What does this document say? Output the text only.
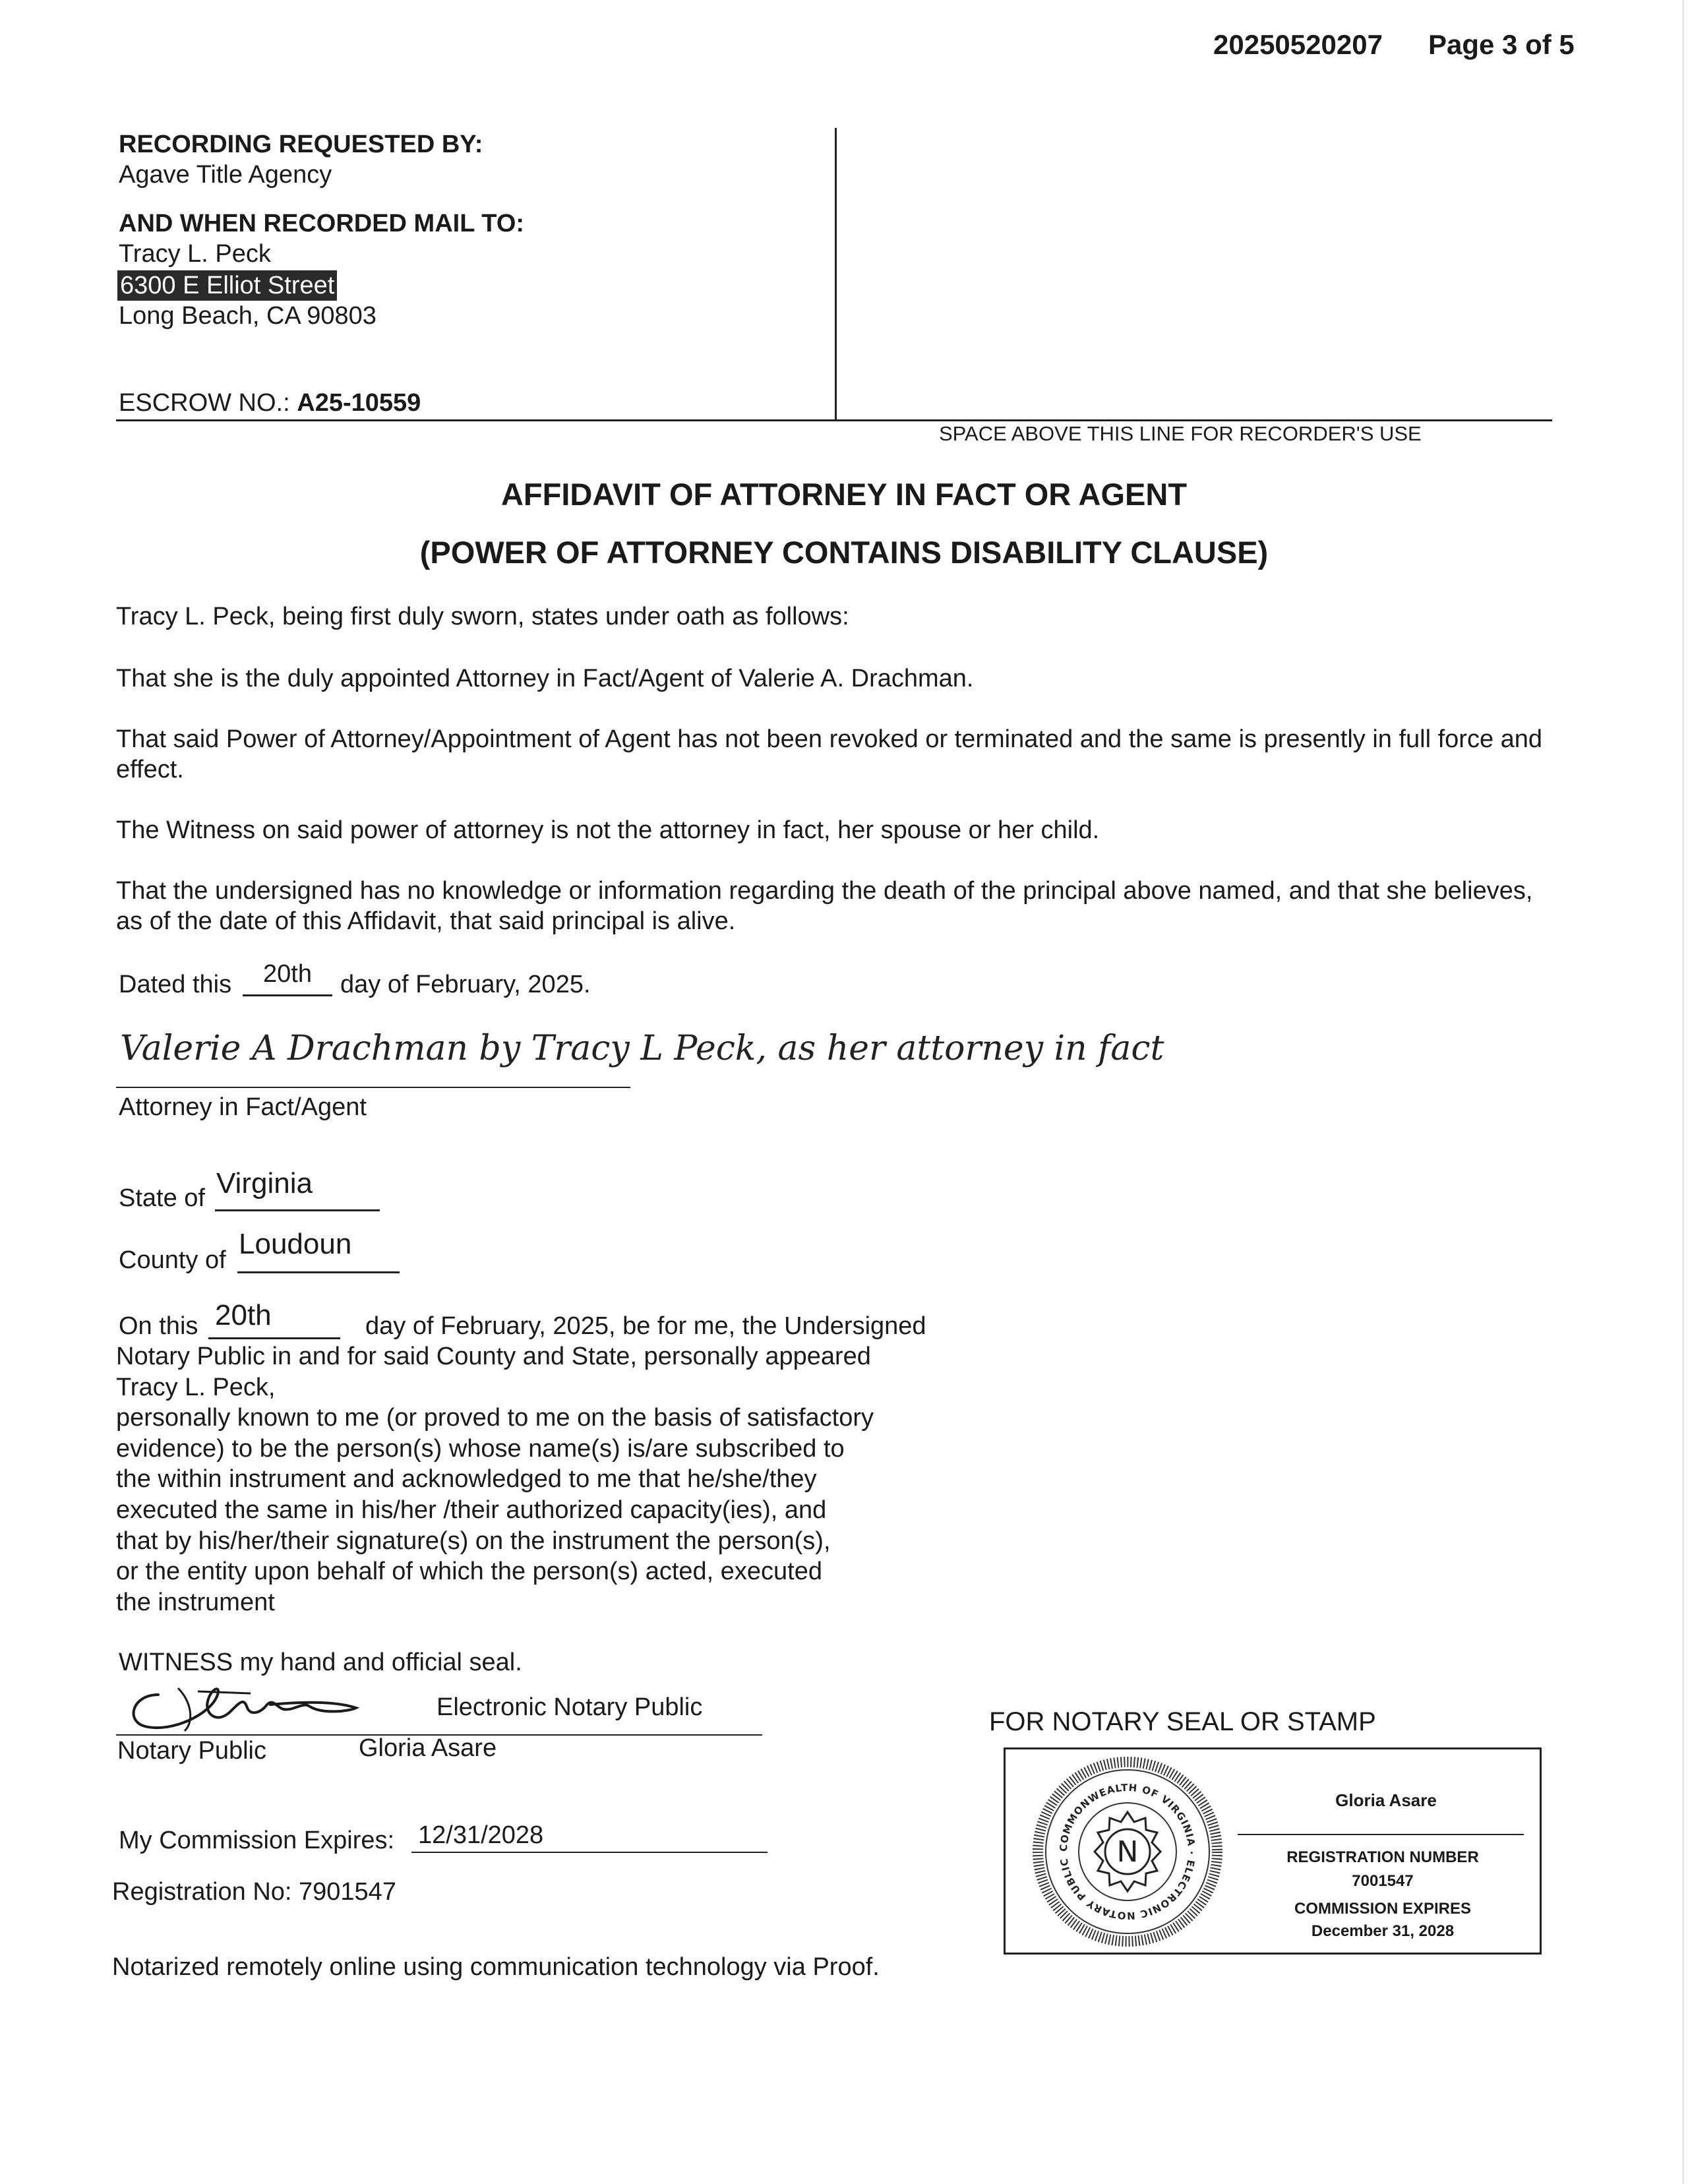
20250520207 Page 3 of 5
RECORDING REQUESTED BY:
Agave Title Agency
AND WHEN RECORDED MAIL TO:
Tracy L. Peck
6300 E Elliot Street
Long Beach, CA 90803
ESCROW NO.: A25-10559
SPACE ABOVE THIS LINE FOR RECORDER'S USE
AFFIDAVIT OF ATTORNEY IN FACT OR AGENT
(POWER OF ATTORNEY CONTAINS DISABILITY CLAUSE)
Tracy L. Peck, being first duly sworn, states under oath as follows:
That she is the duly appointed Attorney in Fact/Agent of Valerie A. Drachman.
That said Power of Attorney/Appointment of Agent has not been revoked or terminated and the same is presently in full force and effect.
The Witness on said power of attorney is not the attorney in fact, her spouse or her child.
That the undersigned has no knowledge or information regarding the death of the principal above named, and that she believes, as of the date of this Affidavit, that said principal is alive.
Dated this	20th	day of February, 2025.
Valerie A Drachman by Tracy L Peck, as her attorney in fact
Attorney in Fact/Agent
State of Virginia
County of Loudoun
On this 20th	day of February, 2025, be for me, the Undersigned
Notary Public in and for said County and State, personally appeared
Tracy L. Peck,
personally known to me (or proved to me on the basis of satisfactory
evidence) to be the person(s) whose name(s) is/are subscribed to
the within instrument and acknowledged to me that he/she/they
executed the same in his/her /their authorized capacity(ies), and
that by his/her/their signature(s) on the instrument the person(s),
or the entity upon behalf of which the person(s) acted, executed
the instrument
WITNESS my hand and official seal.
Electronic Notary Public
Notary Public	Gloria Asare
My Commission Expires: 12/31/2028
Registration No: 7901547
Notarized remotely online using communication technology via Proof.
FOR NOTARY SEAL OR STAMP
COMMONWEALTH OF VIRGINIA · ELECTRONIC NOTARY PUBLIC	N
Gloria Asare
REGISTRATION NUMBER
7001547
COMMISSION EXPIRES
December 31, 2028
